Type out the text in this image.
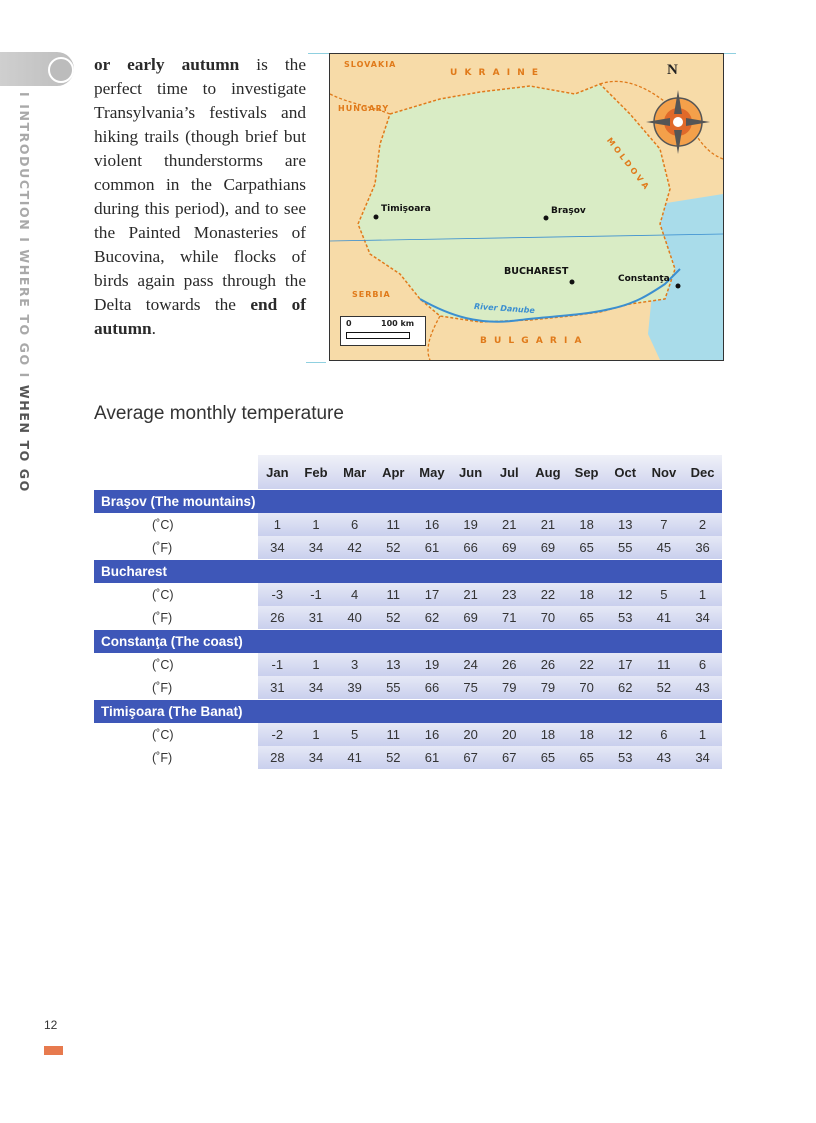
I INTRODUCTION I WHERE TO GO I WHEN TO GO
or early autumn is the perfect time to investigate Transylvania’s festivals and hiking trails (though brief but violent thunderstorms are common in the Carpathians during this period), and to see the Painted Monasteries of Bucovina, while flocks of birds again pass through the Delta towards the end of autumn.
SLOVAKIA
U K R A I N E
HUNGARY
M O L D O V A
SERBIA
B U L G A R I A
N
Timişoara	Braşov
BUCHAREST
Constanţa
River Danube
0	100 km
Average monthly temperature
Jan	Feb	Mar	Apr	May	Jun	Jul	Aug	Sep	Oct	Nov	Dec
Braşov (The mountains)
(˚C)	1	1	6	11	16	19	21	21	18	13	7	2
(˚F)	34	34	42	52	61	66	69	69	65	55	45	36
Bucharest
(˚C)	-3	-1	4	11	17	21	23	22	18	12	5	1
(˚F)	26	31	40	52	62	69	71	70	65	53	41	34
Constanţa (The coast)
(˚C)	-1	1	3	13	19	24	26	26	22	17	11	6
(˚F)	31	34	39	55	66	75	79	79	70	62	52	43
Timişoara (The Banat)
(˚C)	-2	1	5	11	16	20	20	18	18	12	6	1
(˚F)	28	34	41	52	61	67	67	65	65	53	43	34
12
